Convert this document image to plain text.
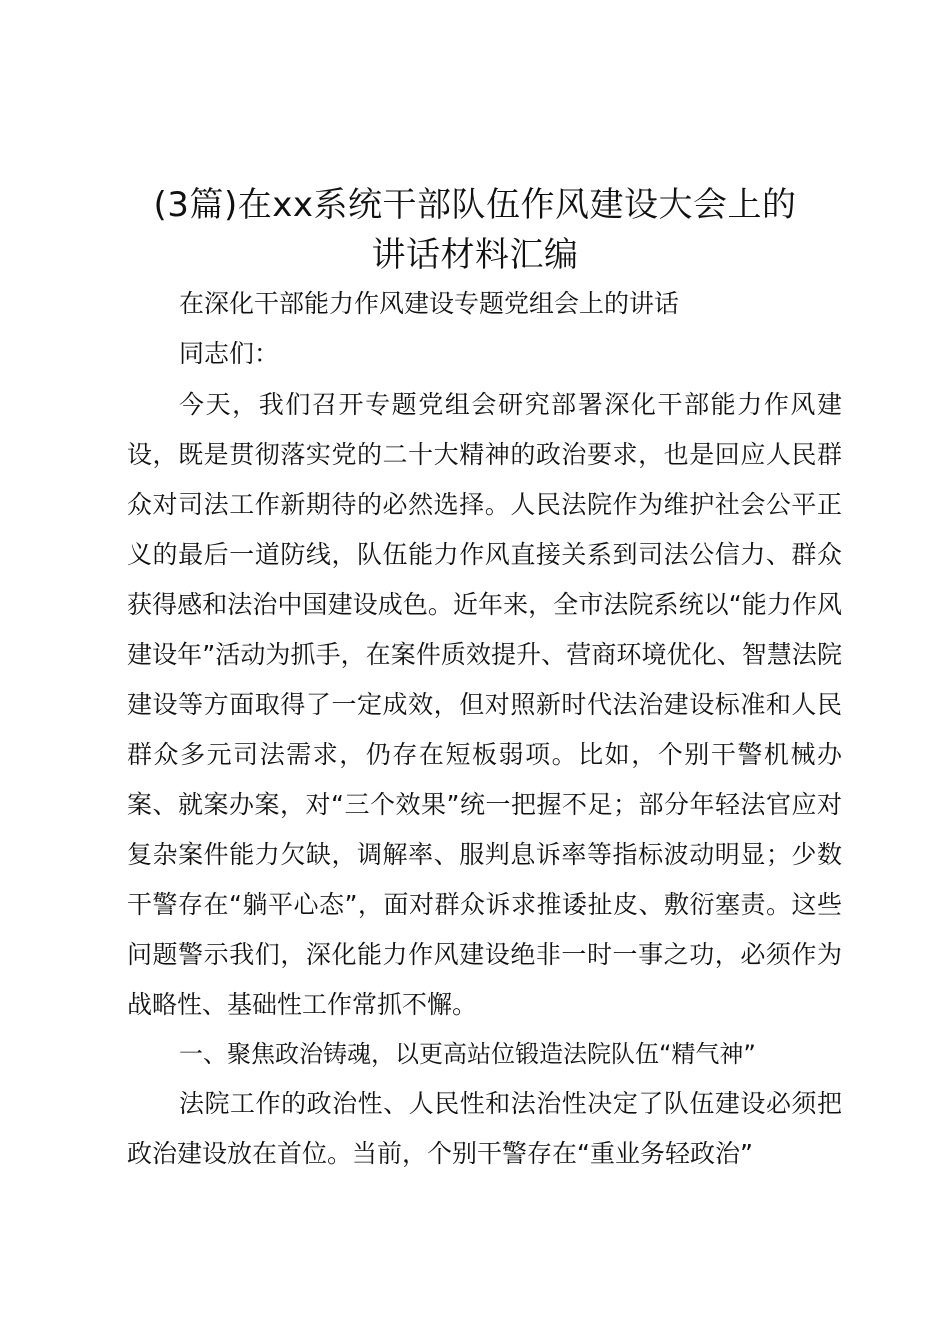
(3篇)在xx系统干部队伍作风建设大会上的
讲话材料汇编

在深化干部能力作风建设专题党组会上的讲话

同志们：

今天，我们召开专题党组会研究部署深化干部能力作风建设，既是贯彻落实党的二十大精神的政治要求，也是回应人民群众对司法工作新期待的必然选择。人民法院作为维护社会公平正义的最后一道防线，队伍能力作风直接关系到司法公信力、群众获得感和法治中国建设成色。近年来，全市法院系统以“能力作风建设年”活动为抓手，在案件质效提升、营商环境优化、智慧法院建设等方面取得了一定成效，但对照新时代法治建设标准和人民群众多元司法需求，仍存在短板弱项。比如，个别干警机械办案、就案办案，对“三个效果”统一把握不足；部分年轻法官应对复杂案件能力欠缺，调解率、服判息诉率等指标波动明显；少数干警存在“躺平心态”，面对群众诉求推诿扯皮、敷衍塞责。这些问题警示我们，深化能力作风建设绝非一时一事之功，必须作为战略性、基础性工作常抓不懈。

一、聚焦政治铸魂，以更高站位锻造法院队伍“精气神”

法院工作的政治性、人民性和法治性决定了队伍建设必须把政治建设放在首位。当前，个别干警存在“重业务轻政治”
